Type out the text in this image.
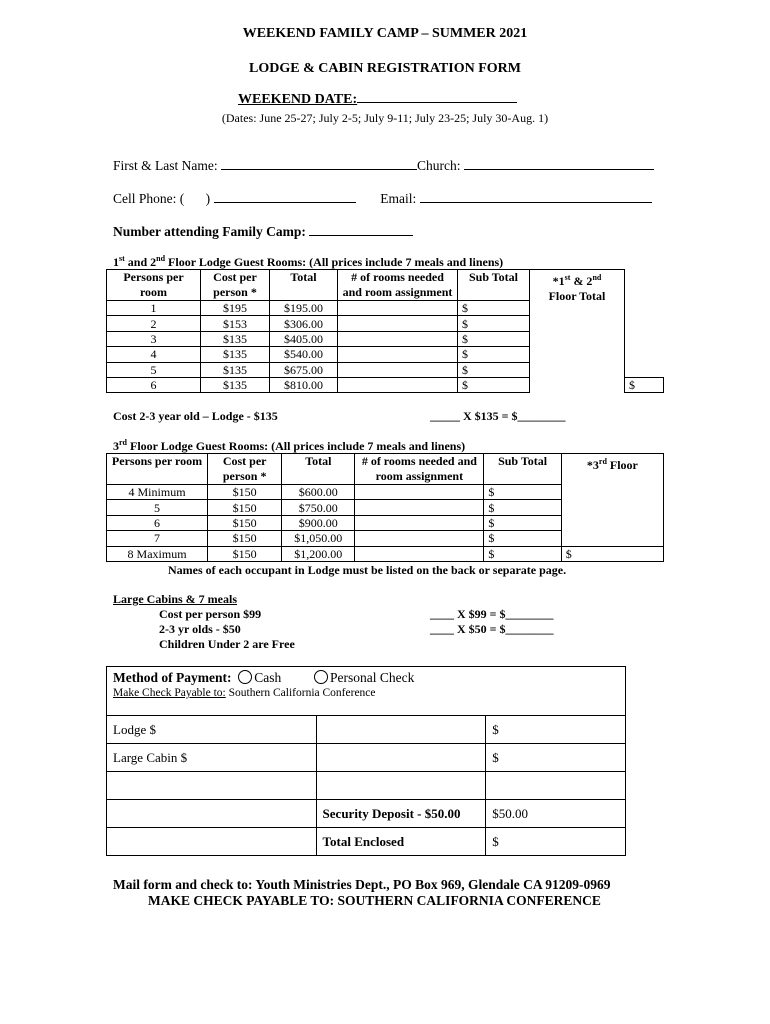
WEEKEND FAMILY CAMP – SUMMER 2021
LODGE & CABIN REGISTRATION FORM
WEEKEND DATE:
(Dates: June 25-27; July 2-5; July 9-11; July 23-25; July 30-Aug. 1)
First & Last Name:	Church:
Cell Phone: ( )	Email:
Number attending Family Camp:
1st and 2nd Floor Lodge Guest Rooms: (All prices include 7 meals and linens)
Persons per room	Cost per person *	Total	# of rooms needed and room assignment	Sub Total	*1st & 2nd
Floor Total	
1	$195	$195.00		$		
2	$153	$306.00		$		
3	$135	$405.00		$		
4	$135	$540.00		$		
5	$135	$675.00		$		
6	$135	$810.00		$		$
Cost 2-3 year old – Lodge - $135	_____ X $135 = $________
3rd Floor Lodge Guest Rooms: (All prices include 7 meals and linens)
Persons per room	Cost per person *	Total	# of rooms needed and room assignment	Sub Total	*3rd Floor
4 Minimum	$150	$600.00		$	
5	$150	$750.00		$	
6	$150	$900.00		$	
7	$150	$1,050.00		$	
8 Maximum	$150	$1,200.00		$	$
Names of each occupant in Lodge must be listed on the back or separate page.
Large Cabins & 7 meals
Cost per person $99
2-3 yr olds - $50
Children Under 2 are Free
____ X $99 = $________
____ X $50 = $________
Method of Payment: Cash	Personal Check
Make Check Payable to: Southern California Conference
Lodge $		$
Large Cabin $		$

	Security Deposit - $50.00	$50.00
	Total Enclosed	$
Mail form and check to: Youth Ministries Dept., PO Box 969, Glendale CA 91209-0969
MAKE CHECK PAYABLE TO: SOUTHERN CALIFORNIA CONFERENCE
